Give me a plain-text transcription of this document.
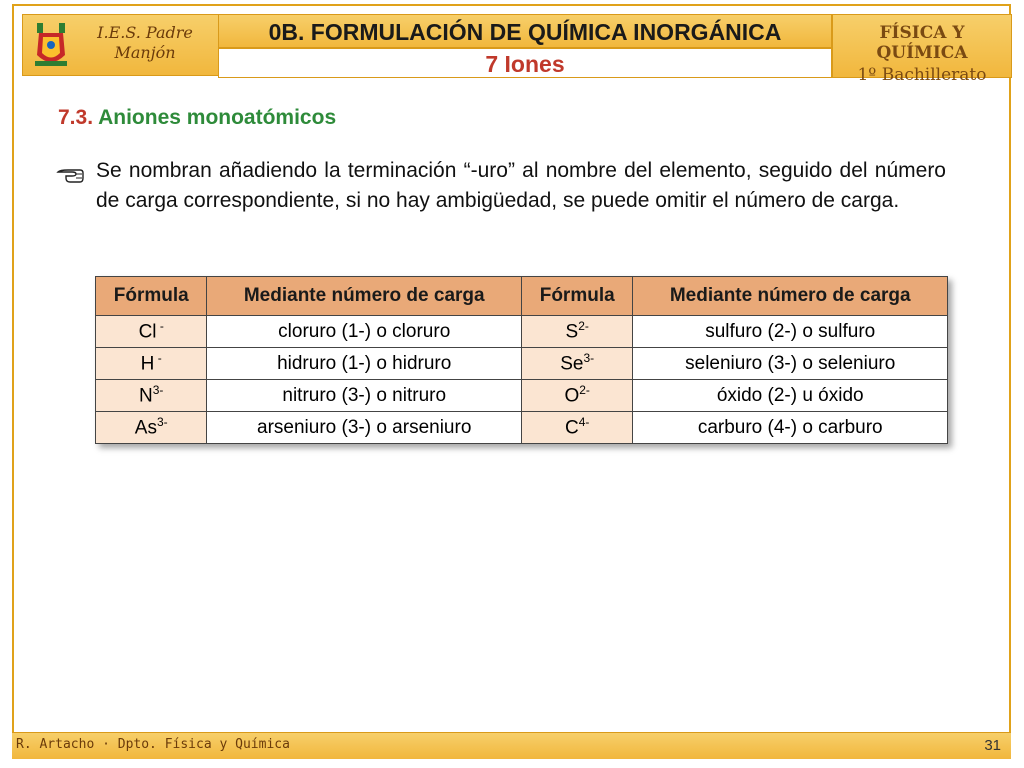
I.E.S. Padre
Manjón
0B. FORMULACIÓN DE QUÍMICA INORGÁNICA
7 Iones
FÍSICA Y QUÍMICA
1º Bachillerato
7.3. Aniones monoatómicos
Se nombran añadiendo la terminación “-uro” al nombre del elemento, seguido del número de carga correspondiente, si no hay ambigüedad, se puede omitir el número de carga.
Fórmula	Mediante número de carga	Fórmula	Mediante número de carga
Cl -	cloruro (1-) o cloruro	$S^{2-}$	sulfuro (2-) o sulfuro
H -	hidruro (1-) o hidruro	$Se^{3-}$	seleniuro (3-) o seleniuro
$N^{3-}$	nitruro (3-) o nitruro	$O^{2-}$	óxido (2-) u óxido
$As^{3-}$	arseniuro (3-) o arseniuro	$C^{4-}$	carburo (4-) o carburo
R. Artacho · Dpto. Física y Química	31
